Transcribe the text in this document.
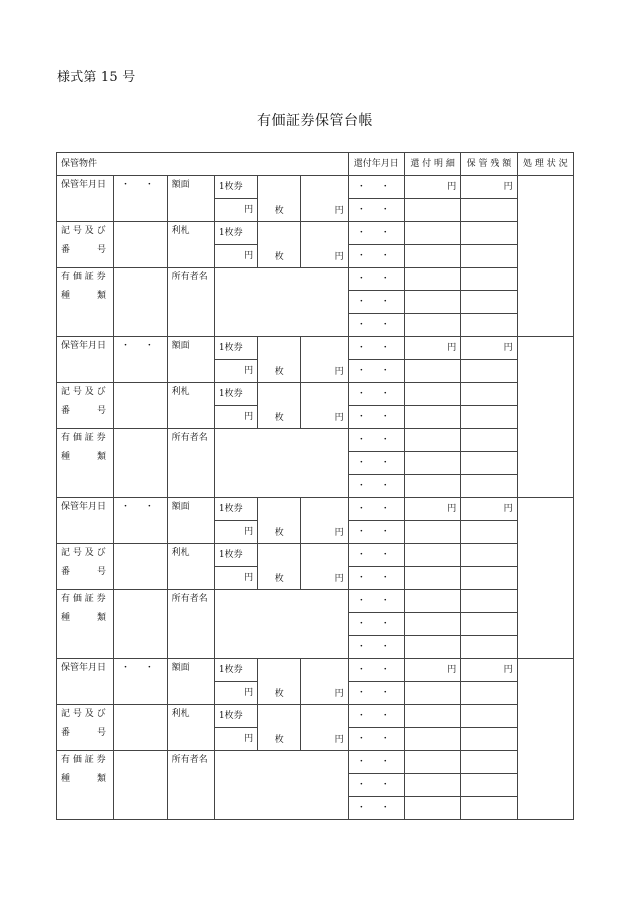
様式第 15 号
有価証券保管台帳
保管物件						還付年月日	還 付 明 細	保 管 残 額	処 理 状 況
保管年月日	・ ・	額面	1枚券	枚	円	・ ・	円	円	
			円			・ ・			

記 号 及 び
番　　　号		利札	1枚券	枚	円	・ ・			
			円			・ ・			

有 価 証 券
種　　　類		所有者名				・ ・			
						・ ・			
						・ ・			
保管年月日	・ ・	額面	1枚券	枚	円	・ ・	円	円	
			円			・ ・			

記 号 及 び
番　　　号		利札	1枚券	枚	円	・ ・			
			円			・ ・			

有 価 証 券
種　　　類		所有者名				・ ・			
						・ ・			
						・ ・			
保管年月日	・ ・	額面	1枚券	枚	円	・ ・	円	円	
			円			・ ・			

記 号 及 び
番　　　号		利札	1枚券	枚	円	・ ・			
			円			・ ・			

有 価 証 券
種　　　類		所有者名				・ ・			
						・ ・			
						・ ・			
保管年月日	・ ・	額面	1枚券	枚	円	・ ・	円	円	
			円			・ ・			

記 号 及 び
番　　　号		利札	1枚券	枚	円	・ ・			
			円			・ ・			

有 価 証 券
種　　　類		所有者名				・ ・			
						・ ・			
						・ ・			
